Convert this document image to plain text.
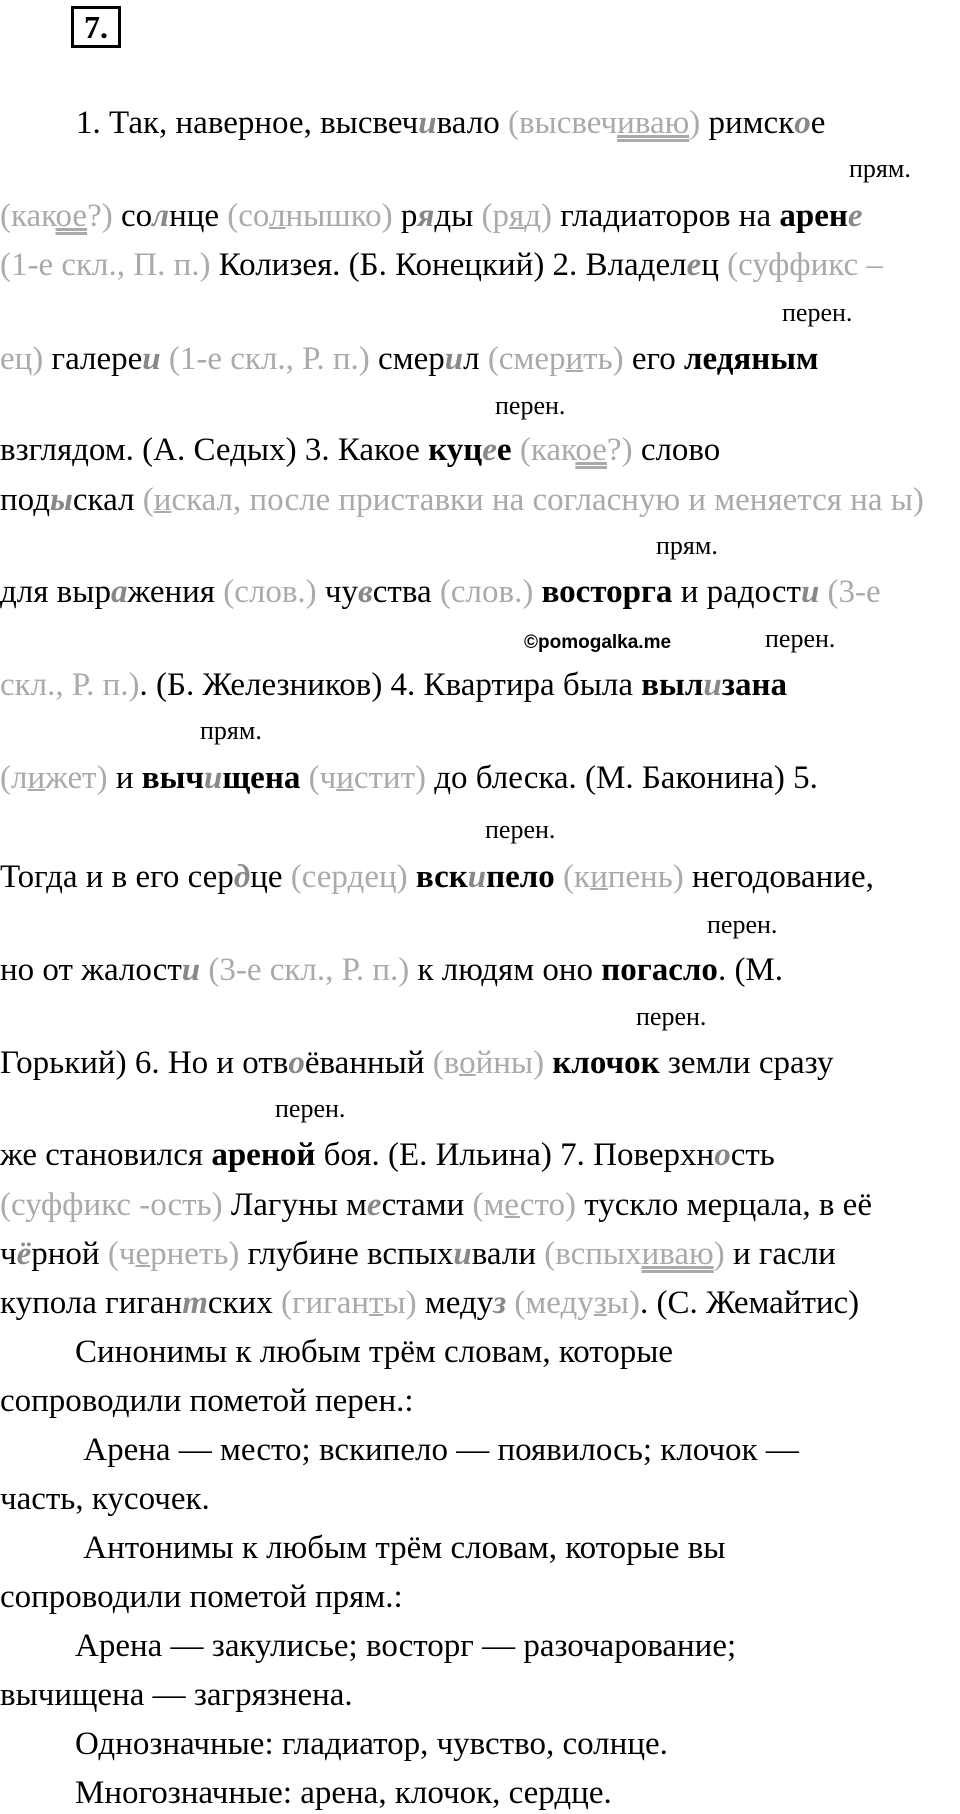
7.
1. Так, наверное, высвечивало (высвечиваю) римское
прям.
(какое?) солнце (солнышко) ряды (ряд) гладиаторов на арене
(1-е скл., П. п.) Колизея. (Б. Конецкий) 2. Владелец (суффикс –
перен.
ец) галереи (1-е скл., Р. п.) смерил (смерить) его ледяным
перен.
взглядом. (А. Седых) 3. Какое куцее (какое?) слово
подыскал (искал, после приставки на согласную и меняется на ы)
прям.
для выражения (слов.) чувства (слов.) восторга и радости (3-е
©pomogalka.me	перен.
скл., Р. п.). (Б. Железников) 4. Квартира была вылизана
прям.
(лижет) и вычищена (чистит) до блеска. (М. Баконина) 5.
перен.
Тогда и в его сердце (сердец) вскипело (кипень) негодование,
перен.
но от жалости (3-е скл., Р. п.) к людям оно погасло. (М.
перен.
Горький) 6. Но и отвоёванный (войны) клочок земли сразу
перен.
же становился ареной боя. (Е. Ильина) 7. Поверхность
(суффикс -ость) Лагуны местами (место) тускло мерцала, в её
чёрной (чернеть) глубине вспыхивали (вспыхиваю) и гасли
купола гигантских (гиганты) медуз (медузы). (С. Жемайтис)
Синонимы к любым трём словам, которые
сопроводили пометой перен.:
Арена — место; вскипело — появилось; клочок —
часть, кусочек.
Антонимы к любым трём словам, которые вы
сопроводили пометой прям.:
Арена — закулисье; восторг — разочарование;
вычищена — загрязнена.
Однозначные: гладиатор, чувство, солнце.
Многозначные: арена, клочок, сердце.
